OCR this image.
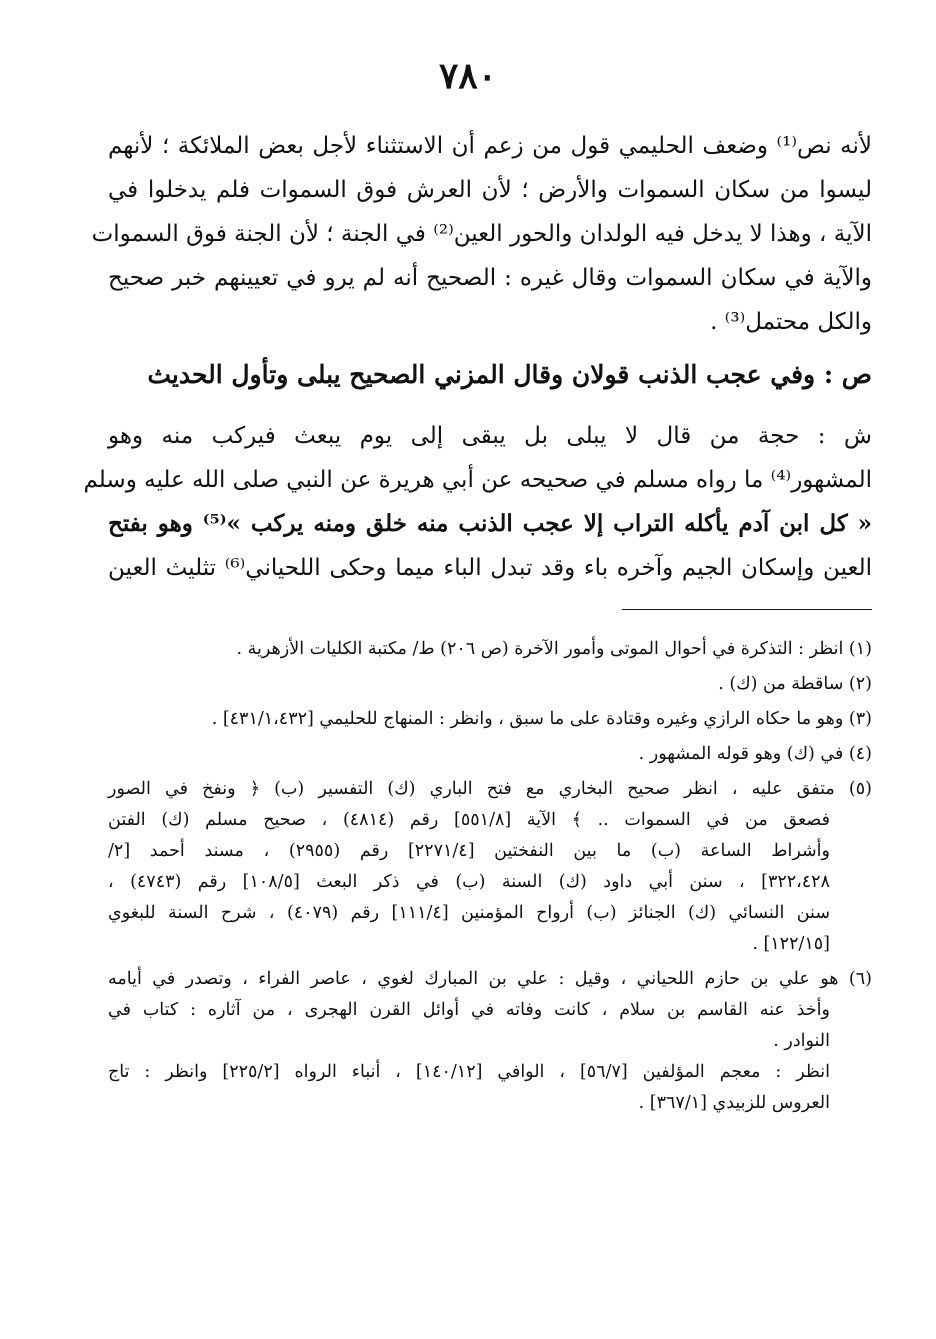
٧٨٠
لأنه نص⁽¹⁾ وضعف الحليمي قول من زعم أن الاستثناء لأجل بعض الملائكة ؛ لأنهم
ليسوا من سكان السموات والأرض ؛ لأن العرش فوق السموات فلم يدخلوا في
الآية ، وهذا لا يدخل فيه الولدان والحور العين⁽²⁾ في الجنة ؛ لأن الجنة فوق السموات
والآية في سكان السموات وقال غيره : الصحيح أنه لم يرو في تعيينهم خبر صحيح
والكل محتمل⁽³⁾ .
ص : وفي عجب الذنب قولان وقال المزني الصحيح يبلى وتأول الحديث
ش : حجة من قال لا يبلى بل يبقى إلى يوم يبعث فيركب منه وهو
المشهور⁽⁴⁾ ما رواه مسلم في صحيحه عن أبي هريرة عن النبي صلى الله عليه وسلم
« كل ابن آدم يأكله التراب إلا عجب الذنب منه خلق ومنه يركب »⁽⁵⁾ وهو بفتح
العين وإسكان الجيم وآخره باء وقد تبدل الباء ميما وحكى اللحياني⁽⁶⁾ تثليث العين
(١) انظر : التذكرة في أحوال الموتى وأمور الآخرة (ص ٢٠٦) ط/ مكتبة الكليات الأزهرية .
(٢) ساقطة من (ك) .
(٣) وهو ما حكاه الرازي وغيره وقتادة على ما سبق ، وانظر : المنهاج للحليمي [٤٣١/١،٤٣٢] .
(٤) في (ك) وهو قوله المشهور .
(٥) متفق عليه ، انظر صحيح البخاري مع فتح الباري (ك) التفسير (ب) ﴿ ونفخ في الصور
فصعق من في السموات .. ﴾ الآية [٥٥١/٨] رقم (٤٨١٤) ، صحيح مسلم (ك) الفتن
وأشراط الساعة (ب) ما بين النفختين [٢٢٧١/٤] رقم (٢٩٥٥) ، مسند أحمد [٢/
٣٢٢،٤٢٨] ، سنن أبي داود (ك) السنة (ب) في ذكر البعث [١٠٨/٥] رقم (٤٧٤٣) ،
سنن النسائي (ك) الجنائز (ب) أرواح المؤمنين [١١١/٤] رقم (٤٠٧٩) ، شرح السنة للبغوي
[١٢٢/١٥] .
(٦) هو علي بن حازم اللحياني ، وقيل : علي بن المبارك لغوي ، عاصر الفراء ، وتصدر في أيامه
وأخذ عنه القاسم بن سلام ، كانت وفاته في أوائل القرن الهجرى ، من آثاره : كتاب في
النوادر .
انظر : معجم المؤلفين [٥٦/٧] ، الوافي [١٤٠/١٢] ، أنباء الرواه [٢٢٥/٢] وانظر : تاج
العروس للزبيدي [٣٦٧/١] .
